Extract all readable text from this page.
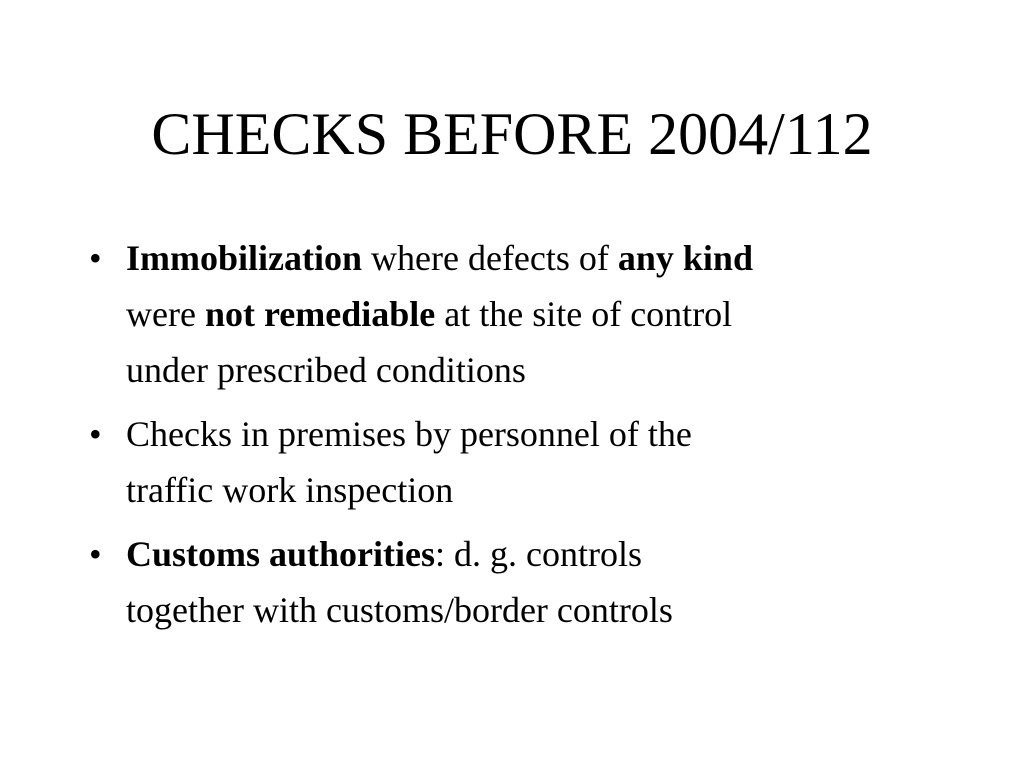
CHECKS BEFORE 2004/112
• Immobilization where defects of any kind
were not remediable at the site of control
under prescribed conditions
• Checks in premises by personnel of the
traffic work inspection
• Customs authorities: d. g. controls
together with customs/border controls
